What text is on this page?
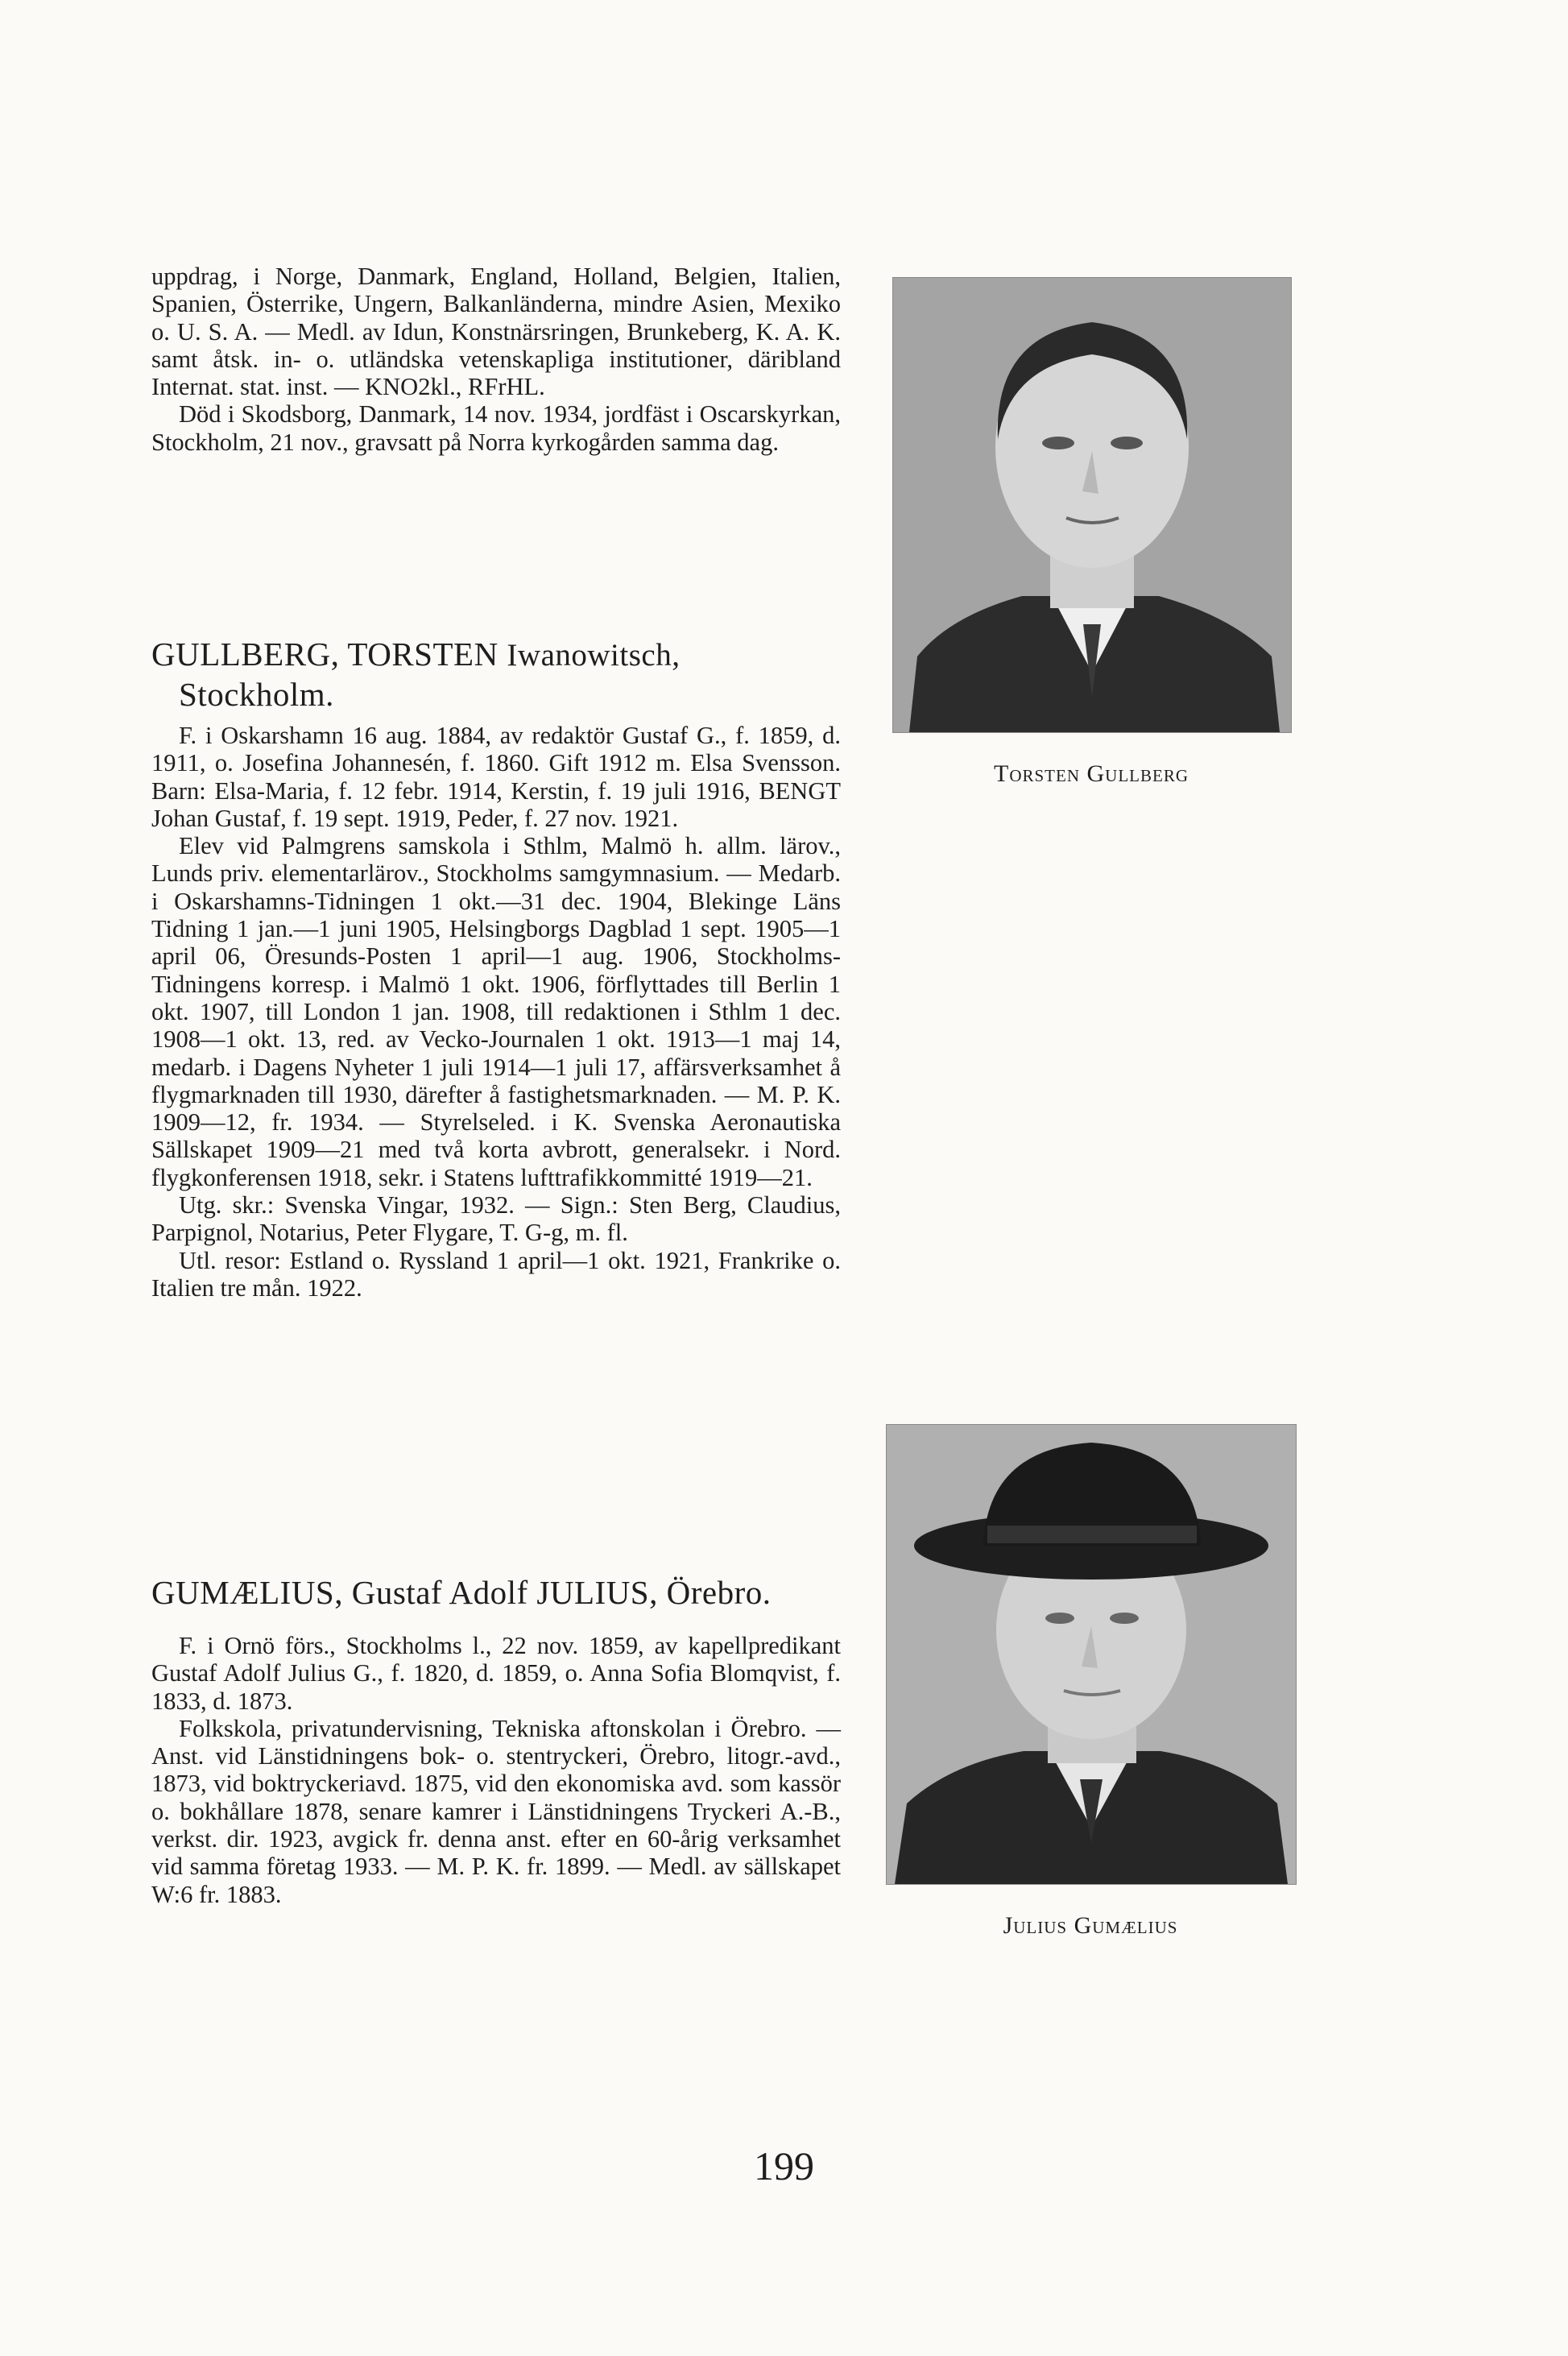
uppdrag, i Norge, Danmark, England, Holland, Belgien, Italien, Spanien, Österrike, Ungern, Balkanländerna, mindre Asien, Mexiko o. U. S. A. — Medl. av Idun, Konstnärsringen, Brunkeberg, K. A. K. samt åtsk. in- o. utländska vetenskapliga institutioner, däribland Internat. stat. inst. — KNO2kl., RFrHL.

Död i Skodsborg, Danmark, 14 nov. 1934, jordfäst i Oscarskyrkan, Stockholm, 21 nov., gravsatt på Norra kyrkogården samma dag.

GULLBERG, TORSTEN Iwanowitsch,
Stockholm.

F. i Oskarshamn 16 aug. 1884, av redaktör Gustaf G., f. 1859, d. 1911, o. Josefina Johannesén, f. 1860. Gift 1912 m. Elsa Svensson. Barn: Elsa-Maria, f. 12 febr. 1914, Kerstin, f. 19 juli 1916, BENGT Johan Gustaf, f. 19 sept. 1919, Peder, f. 27 nov. 1921.

Elev vid Palmgrens samskola i Sthlm, Malmö h. allm. lärov., Lunds priv. elementarlärov., Stockholms samgymnasium. — Medarb. i Oskarshamns-Tidningen 1 okt.—31 dec. 1904, Blekinge Läns Tidning 1 jan.—1 juni 1905, Helsingborgs Dagblad 1 sept. 1905—1 april 06, Öresunds-Posten 1 april—1 aug. 1906, Stockholms-Tidningens korresp. i Malmö 1 okt. 1906, förflyttades till Berlin 1 okt. 1907, till London 1 jan. 1908, till redaktionen i Sthlm 1 dec. 1908—1 okt. 13, red. av Vecko-Journalen 1 okt. 1913—1 maj 14, medarb. i Dagens Nyheter 1 juli 1914—1 juli 17, affärsverksamhet å flygmarknaden till 1930, därefter å fastighetsmarknaden. — M. P. K. 1909—12, fr. 1934. — Styrelseled. i K. Svenska Aeronautiska Sällskapet 1909—21 med två korta avbrott, generalsekr. i Nord. flygkonferensen 1918, sekr. i Statens lufttrafikkommitté 1919—21.

Utg. skr.: Svenska Vingar, 1932. — Sign.: Sten Berg, Claudius, Parpignol, Notarius, Peter Flygare, T. G-g, m. fl.

Utl. resor: Estland o. Ryssland 1 april—1 okt. 1921, Frankrike o. Italien tre mån. 1922.

Torsten Gullberg
GUMÆLIUS, Gustaf Adolf JULIUS, Örebro.

F. i Ornö förs., Stockholms l., 22 nov. 1859, av kapellpredikant Gustaf Adolf Julius G., f. 1820, d. 1859, o. Anna Sofia Blomqvist, f. 1833, d. 1873.

Folkskola, privatundervisning, Tekniska aftonskolan i Örebro. — Anst. vid Länstidningens bok- o. stentryckeri, Örebro, litogr.-avd., 1873, vid boktryckeriavd. 1875, vid den ekonomiska avd. som kassör o. bokhållare 1878, senare kamrer i Länstidningens Tryckeri A.-B., verkst. dir. 1923, avgick fr. denna anst. efter en 60-årig verksamhet vid samma företag 1933. — M. P. K. fr. 1899. — Medl. av sällskapet W:6 fr. 1883.

Julius Gumælius
199
